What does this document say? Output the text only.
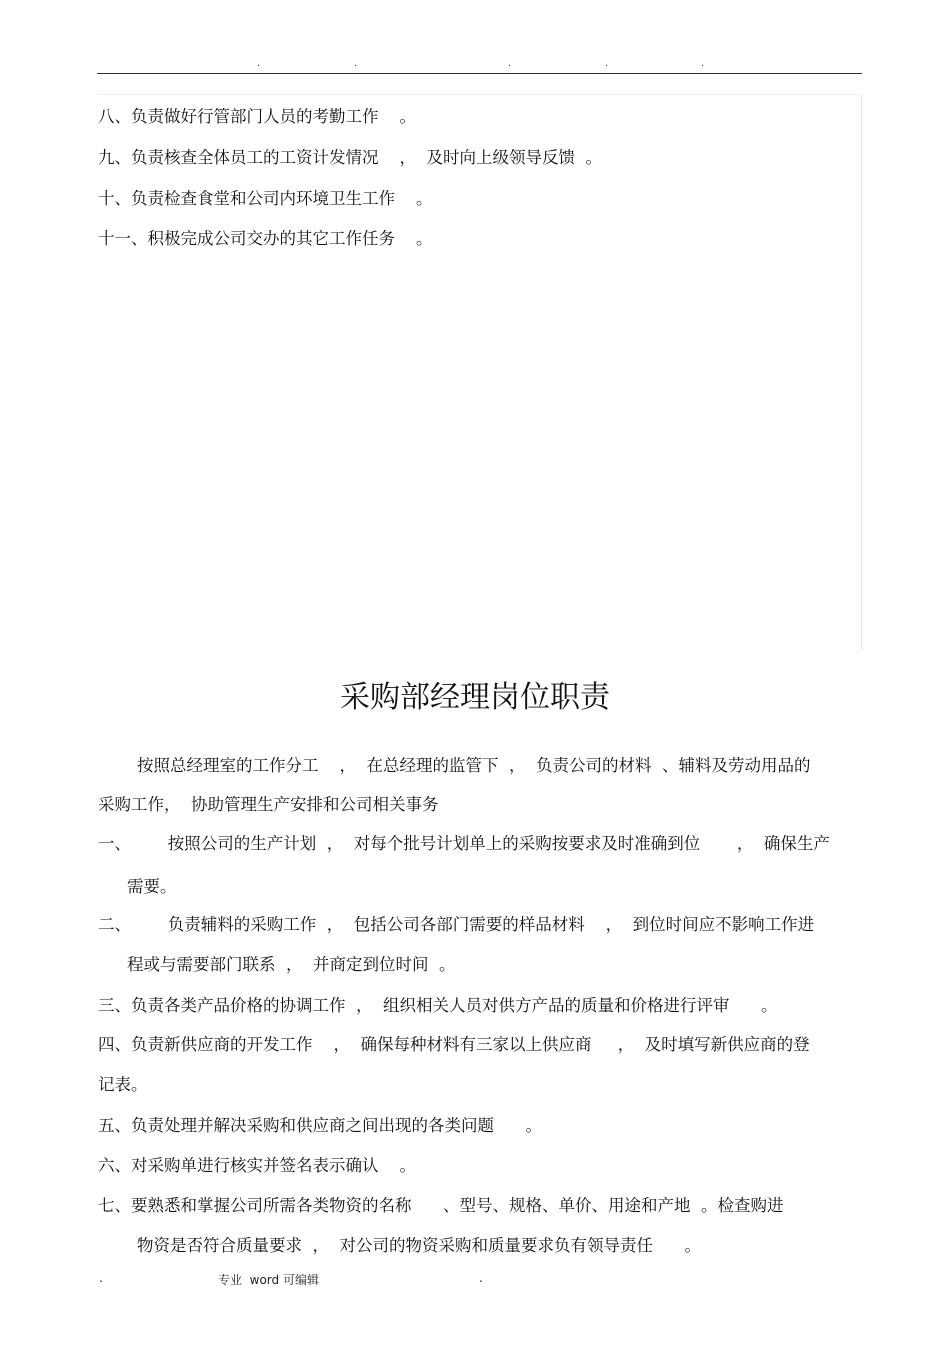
.	.	.	.	.
八、负责做好行管部门人员的考勤工作    。
九、负责核查全体员工的工资计发情况    ，  及时向上级领导反馈  。
十、负责检查食堂和公司内环境卫生工作    。
十一、积极完成公司交办的其它工作任务    。
采购部经理岗位职责
按照总经理室的工作分工    ，  在总经理的监管下  ，  负责公司的材料  、辅料及劳动用品的
采购工作，  协助管理生产安排和公司相关事务
一、       按照公司的生产计划  ，  对每个批号计划单上的采购按要求及时准确到位       ，  确保生产
需要。
二、       负责辅料的采购工作  ，  包括公司各部门需要的样品材料    ，  到位时间应不影响工作进
程或与需要部门联系  ，  并商定到位时间  。
三、负责各类产品价格的协调工作  ，  组织相关人员对供方产品的质量和价格进行评审      。
四、负责新供应商的开发工作    ，  确保每种材料有三家以上供应商     ，  及时填写新供应商的登
记表。
五、负责处理并解决采购和供应商之间出现的各类问题      。
六、对采购单进行核实并签名表示确认    。
七、要熟悉和掌握公司所需各类物资的名称      、型号、规格、单价、用途和产地  。检查购进
物资是否符合质量要求  ，  对公司的物资采购和质量要求负有领导责任      。
.	专业  word 可编辑	.
